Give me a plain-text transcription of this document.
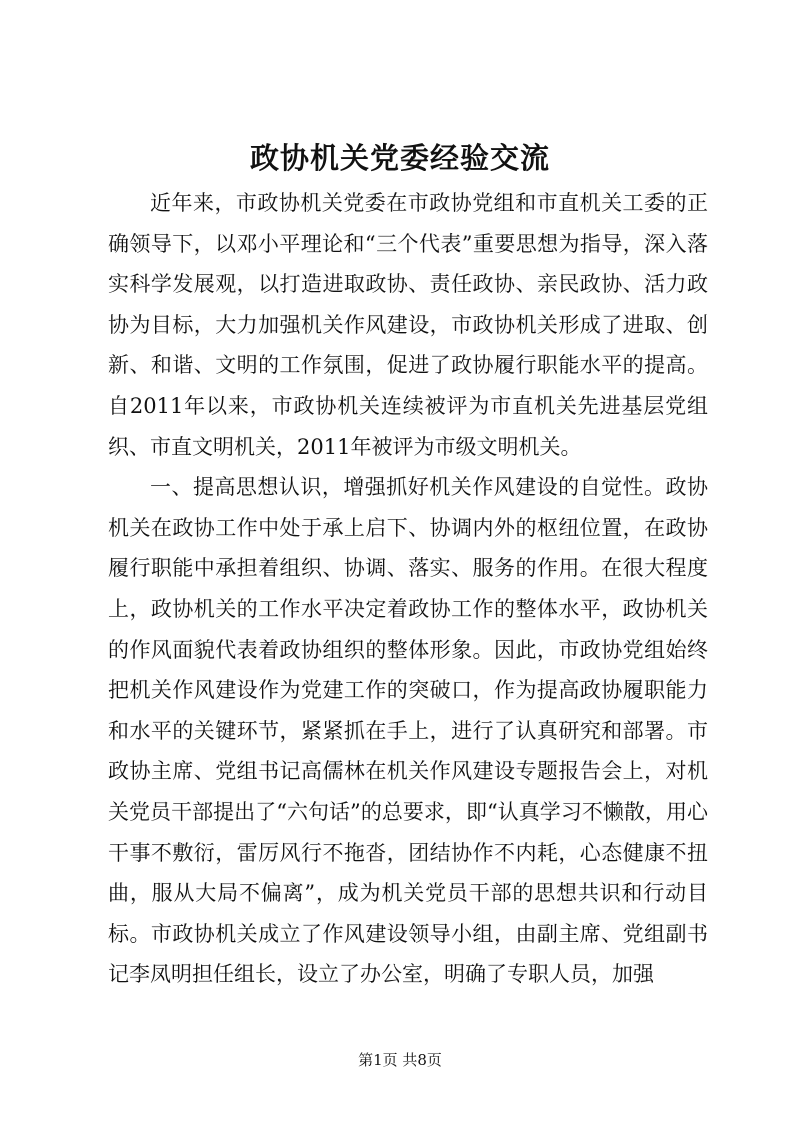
政协机关党委经验交流

近年来，市政协机关党委在市政协党组和市直机关工委的正确领导下，以邓小平理论和“三个代表”重要思想为指导，深入落实科学发展观，以打造进取政协、责任政协、亲民政协、活力政协为目标，大力加强机关作风建设，市政协机关形成了进取、创新、和谐、文明的工作氛围，促进了政协履行职能水平的提高。自2011年以来，市政协机关连续被评为市直机关先进基层党组织、市直文明机关，2011年被评为市级文明机关。

一、提高思想认识，增强抓好机关作风建设的自觉性。政协机关在政协工作中处于承上启下、协调内外的枢纽位置，在政协履行职能中承担着组织、协调、落实、服务的作用。在很大程度上，政协机关的工作水平决定着政协工作的整体水平，政协机关的作风面貌代表着政协组织的整体形象。因此，市政协党组始终把机关作风建设作为党建工作的突破口，作为提高政协履职能力和水平的关键环节，紧紧抓在手上，进行了认真研究和部署。市政协主席、党组书记高儒林在机关作风建设专题报告会上，对机关党员干部提出了“六句话”的总要求，即“认真学习不懒散，用心干事不敷衍，雷厉风行不拖沓，团结协作不内耗，心态健康不扭曲，服从大局不偏离”，成为机关党员干部的思想共识和行动目标。市政协机关成立了作风建设领导小组，由副主席、党组副书记李凤明担任组长，设立了办公室，明确了专职人员，加强

第1页 共8页
